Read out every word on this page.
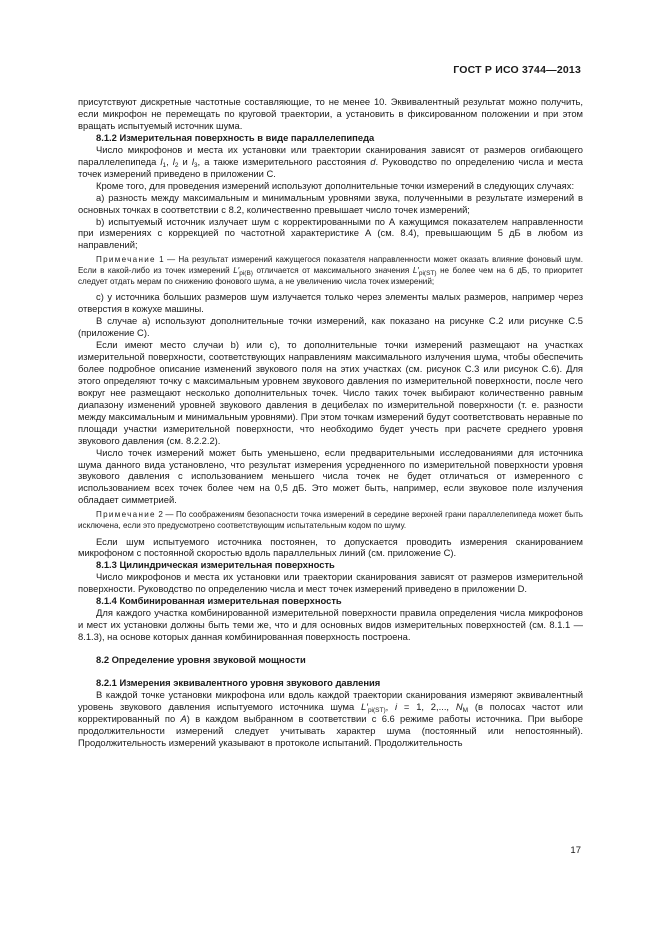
ГОСТ Р ИСО 3744—2013

присутствуют дискретные частотные составляющие, то не менее 10. Эквивалентный результат можно получить, если микрофон не перемещать по круговой траектории, а установить в фиксированном положении и при этом вращать испытуемый источник шума.

8.1.2 Измерительная поверхность в виде параллелепипеда

Число микрофонов и места их установки или траектории сканирования зависят от размеров огибающего параллелепипеда $l_1$, $l_2$ и $l_3$, а также измерительного расстояния d. Руководство по определению числа и места точек измерений приведено в приложении С.

Кроме того, для проведения измерений используют дополнительные точки измерений в следующих случаях:

a) разность между максимальным и минимальным уровнями звука, полученными в результате измерений в основных точках в соответствии с 8.2, количественно превышает число точек измерений;

b) испытуемый источник излучает шум с корректированными по А кажущимся показателем направленности при измерениях с коррекцией по частотной характеристике А (см. 8.4), превышающим 5 дБ в любом из направлений;

Примечание 1 — На результат измерений кажущегося показателя направленности может оказать влияние фоновый шум. Если в какой-либо из точек измерений $L'_{pi(B)}$ отличается от максимального значения $L'_{pi(ST)}$ не более чем на 6 дБ, то приоритет следует отдать мерам по снижению фонового шума, а не увеличению числа точек измерений;

c) у источника больших размеров шум излучается только через элементы малых размеров, например через отверстия в кожухе машины.

В случае a) используют дополнительные точки измерений, как показано на рисунке С.2 или рисунке С.5 (приложение С).

Если имеют место случаи b) или c), то дополнительные точки измерений размещают на участках измерительной поверхности, соответствующих направлениям максимального излучения шума, чтобы обеспечить более подробное описание изменений звукового поля на этих участках (см. рисунок С.3 или рисунок С.6). Для этого определяют точку с максимальным уровнем звукового давления по измерительной поверхности, после чего вокруг нее размещают несколько дополнительных точек. Число таких точек выбирают количественно равным диапазону изменений уровней звукового давления в децибелах по измерительной поверхности (т. е. разности между максимальным и минимальным уровнями). При этом точкам измерений будут соответствовать неравные по площади участки измерительной поверхности, что необходимо будет учесть при расчете среднего уровня звукового давления (см. 8.2.2.2).

Число точек измерений может быть уменьшено, если предварительными исследованиями для источника шума данного вида установлено, что результат измерения усредненного по измерительной поверхности уровня звукового давления с использованием меньшего числа точек не будет отличаться от измеренного с использованием всех точек более чем на 0,5 дБ. Это может быть, например, если звуковое поле излучения обладает симметрией.

Примечание 2 — По соображениям безопасности точка измерений в середине верхней грани параллелепипеда может быть исключена, если это предусмотрено соответствующим испытательным кодом по шуму.

Если шум испытуемого источника постоянен, то допускается проводить измерения сканированием микрофоном с постоянной скоростью вдоль параллельных линий (см. приложение С).

8.1.3 Цилиндрическая измерительная поверхность

Число микрофонов и места их установки или траектории сканирования зависят от размеров измерительной поверхности. Руководство по определению числа и мест точек измерений приведено в приложении D.

8.1.4 Комбинированная измерительная поверхность

Для каждого участка комбинированной измерительной поверхности правила определения числа микрофонов и мест их установки должны быть теми же, что и для основных видов измерительных поверхностей (см. 8.1.1 — 8.1.3), на основе которых данная комбинированная поверхность построена.

8.2 Определение уровня звуковой мощности

8.2.1 Измерения эквивалентного уровня звукового давления

В каждой точке установки микрофона или вдоль каждой траектории сканирования измеряют эквивалентный уровень звукового давления испытуемого источника шума $L'_{pi(ST)}$, i = 1, 2,..., $N_M$ (в полосах частот или корректированный по А) в каждом выбранном в соответствии с 6.6 режиме работы источника. При выборе продолжительности измерений следует учитывать характер шума (постоянный или непостоянный). Продолжительность измерений указывают в протоколе испытаний. Продолжительность

17
